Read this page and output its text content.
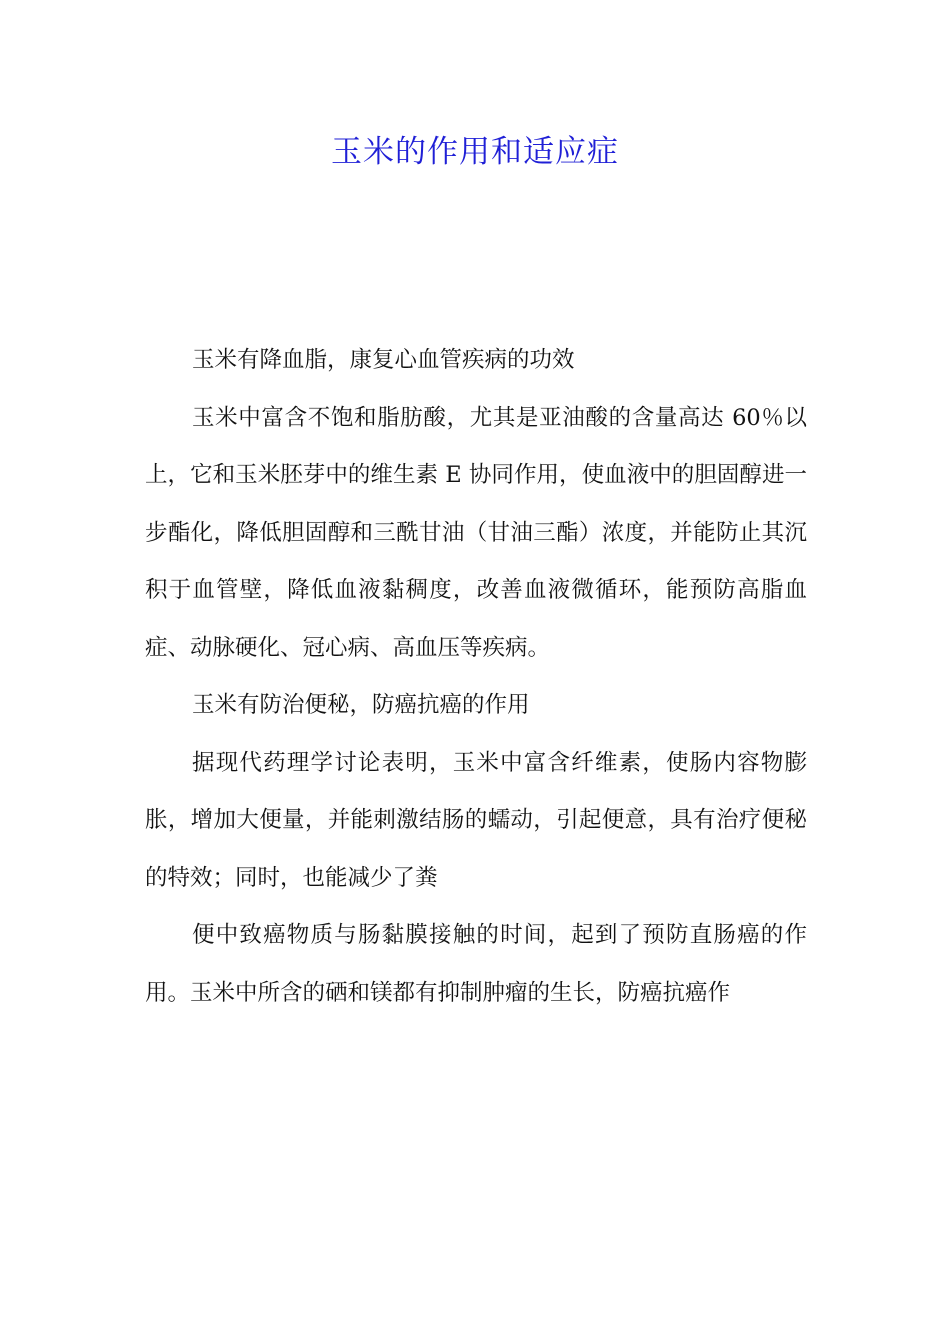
玉米的作用和适应症

玉米有降血脂，康复心血管疾病的功效

玉米中富含不饱和脂肪酸，尤其是亚油酸的含量高达 60％以上，它和玉米胚芽中的维生素 E 协同作用，使血液中的胆固醇进一步酯化，降低胆固醇和三酰甘油（甘油三酯）浓度，并能防止其沉积于血管壁，降低血液黏稠度，改善血液微循环，能预防高脂血症、动脉硬化、冠心病、高血压等疾病。

玉米有防治便秘，防癌抗癌的作用

据现代药理学讨论表明，玉米中富含纤维素，使肠内容物膨胀，增加大便量，并能刺激结肠的蠕动，引起便意，具有治疗便秘的特效；同时，也能减少了粪

便中致癌物质与肠黏膜接触的时间，起到了预防直肠癌的作用。玉米中所含的硒和镁都有抑制肿瘤的生长，防癌抗癌作
